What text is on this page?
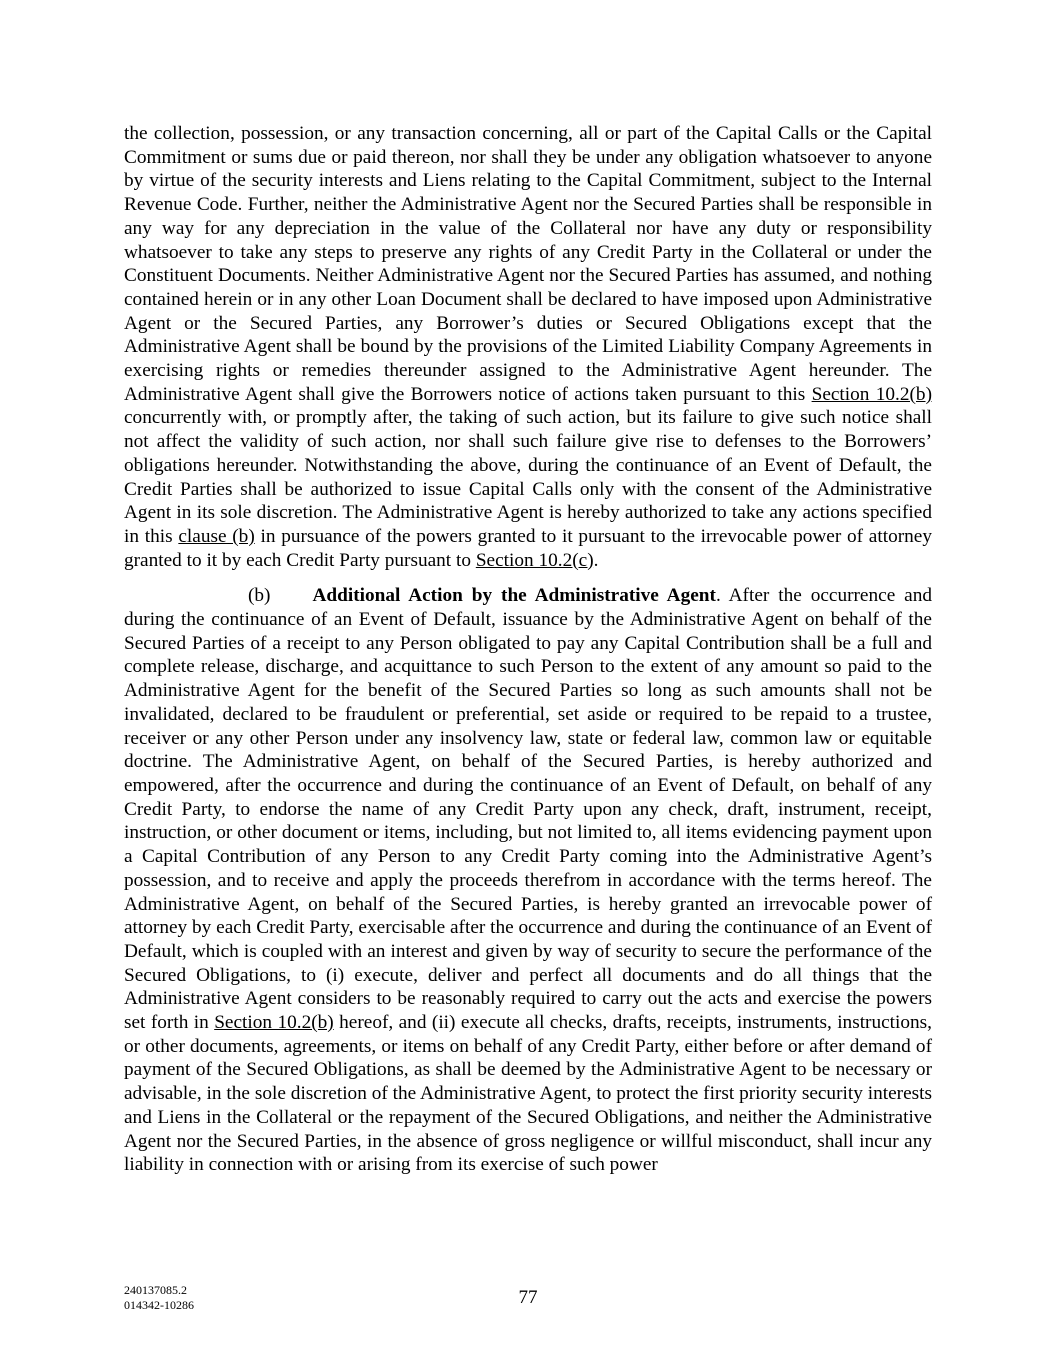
the collection, possession, or any transaction concerning, all or part of the Capital Calls or the Capital Commitment or sums due or paid thereon, nor shall they be under any obligation whatsoever to anyone by virtue of the security interests and Liens relating to the Capital Commitment, subject to the Internal Revenue Code. Further, neither the Administrative Agent nor the Secured Parties shall be responsible in any way for any depreciation in the value of the Collateral nor have any duty or responsibility whatsoever to take any steps to preserve any rights of any Credit Party in the Collateral or under the Constituent Documents. Neither Administrative Agent nor the Secured Parties has assumed, and nothing contained herein or in any other Loan Document shall be declared to have imposed upon Administrative Agent or the Secured Parties, any Borrower’s duties or Secured Obligations except that the Administrative Agent shall be bound by the provisions of the Limited Liability Company Agreements in exercising rights or remedies thereunder assigned to the Administrative Agent hereunder. The Administrative Agent shall give the Borrowers notice of actions taken pursuant to this Section 10.2(b) concurrently with, or promptly after, the taking of such action, but its failure to give such notice shall not affect the validity of such action, nor shall such failure give rise to defenses to the Borrowers’ obligations hereunder. Notwithstanding the above, during the continuance of an Event of Default, the Credit Parties shall be authorized to issue Capital Calls only with the consent of the Administrative Agent in its sole discretion. The Administrative Agent is hereby authorized to take any actions specified in this clause (b) in pursuance of the powers granted to it pursuant to the irrevocable power of attorney granted to it by each Credit Party pursuant to Section 10.2(c).

(b) Additional Action by the Administrative Agent. After the occurrence and during the continuance of an Event of Default, issuance by the Administrative Agent on behalf of the Secured Parties of a receipt to any Person obligated to pay any Capital Contribution shall be a full and complete release, discharge, and acquittance to such Person to the extent of any amount so paid to the Administrative Agent for the benefit of the Secured Parties so long as such amounts shall not be invalidated, declared to be fraudulent or preferential, set aside or required to be repaid to a trustee, receiver or any other Person under any insolvency law, state or federal law, common law or equitable doctrine. The Administrative Agent, on behalf of the Secured Parties, is hereby authorized and empowered, after the occurrence and during the continuance of an Event of Default, on behalf of any Credit Party, to endorse the name of any Credit Party upon any check, draft, instrument, receipt, instruction, or other document or items, including, but not limited to, all items evidencing payment upon a Capital Contribution of any Person to any Credit Party coming into the Administrative Agent’s possession, and to receive and apply the proceeds therefrom in accordance with the terms hereof. The Administrative Agent, on behalf of the Secured Parties, is hereby granted an irrevocable power of attorney by each Credit Party, exercisable after the occurrence and during the continuance of an Event of Default, which is coupled with an interest and given by way of security to secure the performance of the Secured Obligations, to (i) execute, deliver and perfect all documents and do all things that the Administrative Agent considers to be reasonably required to carry out the acts and exercise the powers set forth in Section 10.2(b) hereof, and (ii) execute all checks, drafts, receipts, instruments, instructions, or other documents, agreements, or items on behalf of any Credit Party, either before or after demand of payment of the Secured Obligations, as shall be deemed by the Administrative Agent to be necessary or advisable, in the sole discretion of the Administrative Agent, to protect the first priority security interests and Liens in the Collateral or the repayment of the Secured Obligations, and neither the Administrative Agent nor the Secured Parties, in the absence of gross negligence or willful misconduct, shall incur any liability in connection with or arising from its exercise of such power

240137085.2
014342-10286	77
